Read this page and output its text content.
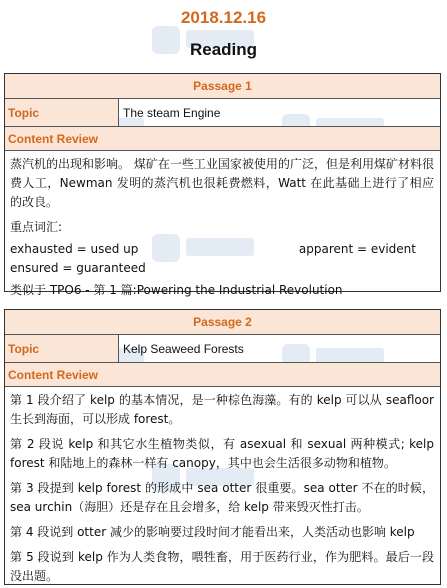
2018.12.16
Reading
Passage 1
Topic	The steam Engine
Content Review

蒸汽机的出现和影响。 煤矿在一些工业国家被使用的广泛，但是利用煤矿材料很费人工，Newman 发明的蒸汽机也很耗费燃料，Watt 在此基础上进行了相应的改良。

重点词汇:

exhausted = used up	apparent = evident ensured = guaranteed

类似于 TPO6 - 第 1 篇:Powering the Industrial Revolution

Passage 2
Topic	Kelp Seaweed Forests
Content Review

第 1 段介绍了 kelp 的基本情况，是一种棕色海藻。有的 kelp 可以从 seafloor 生长到海面，可以形成 forest。

第 2 段说 kelp 和其它水生植物类似，有 asexual 和 sexual 两种模式; kelp forest 和陆地上的森林一样有 canopy，其中也会生活很多动物和植物。

第 3 段提到 kelp forest 的形成中 sea otter 很重要。sea otter 不在的时候，sea urchin（海胆）还是存在且会增多，给 kelp 带来毁灭性打击。

第 4 段说到 otter 减少的影响要过段时间才能看出来，人类活动也影响 kelp

第 5 段说到 kelp 作为人类食物，喂牲畜，用于医药行业，作为肥料。最后一段没出题。
